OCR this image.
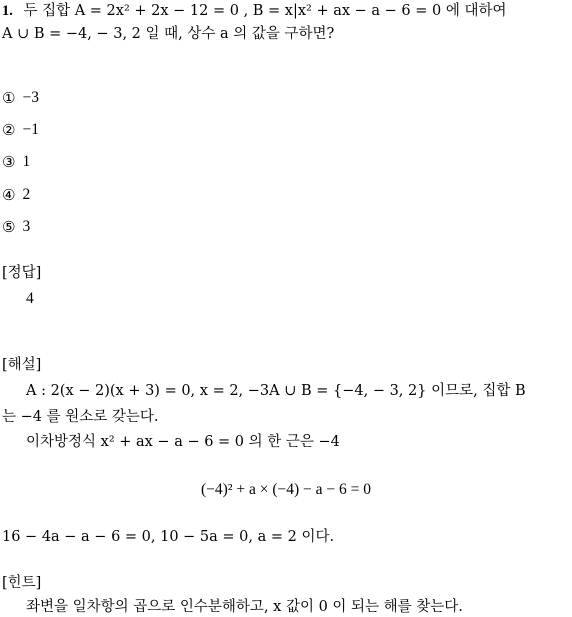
1. 두 집합 A = 2x² + 2x − 12 = 0 , B = x|x² + ax − a − 6 = 0 에 대하여
A ∪ B = −4, − 3, 2 일 때, 상수 a 의 값을 구하면?
① −3
② −1
③ 1
④ 2
⑤ 3
[정답]
4
[해설]
A : 2(x − 2)(x + 3) = 0, x = 2, −3A ∪ B = {−4, − 3, 2} 이므로, 집합 B
는 −4 를 원소로 갖는다.
이차방정식 x² + ax − a − 6 = 0 의 한 근은 −4
(−4)² + a × (−4) − a − 6 = 0
16 − 4a − a − 6 = 0, 10 − 5a = 0, a = 2 이다.
[힌트]
좌변을 일차항의 곱으로 인수분해하고, x 값이 0 이 되는 해를 찾는다.
